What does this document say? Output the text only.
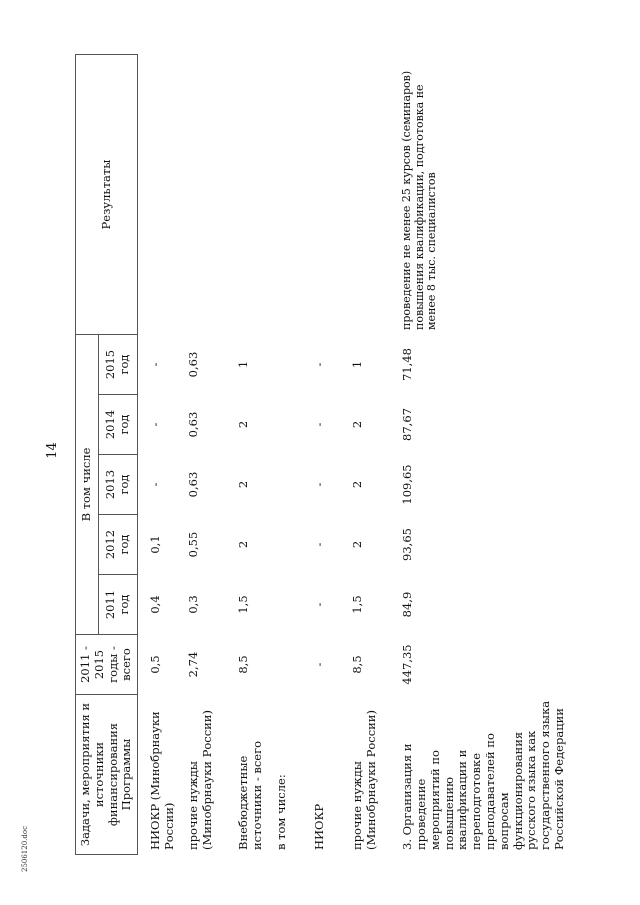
14
Задачи, мероприятия и источники финансирования Программы	2011 - 2015 годы - всего	В том числе					Результаты
		2011 год	2012 год	2013 год	2014 год	2015 год	
НИОКР (Минобрнауки России)	0,5	0,4	0,1	-	-	-	
прочие нужды (Минобрнауки России)	2,74	0,3	0,55	0,63	0,63	0,63	
Внебюджетные источники - всего	8,5	1,5	2	2	2	1	
в том числе:							
НИОКР	-	-	-	-	-	-	
прочие нужды (Минобрнауки России)	8,5	1,5	2	2	2	1	
3. Организация и проведение мероприятий по повышению квалификации и переподготовке преподавателей по вопросам функционирования русского языка как государственного языка Российской Федерации	447,35	84,9	93,65	109,65	87,67	71,48	проведение не менее 25 курсов (семинаров) повышения квалификации, подготовка не менее 8 тыс. специалистов
2506120.doc
